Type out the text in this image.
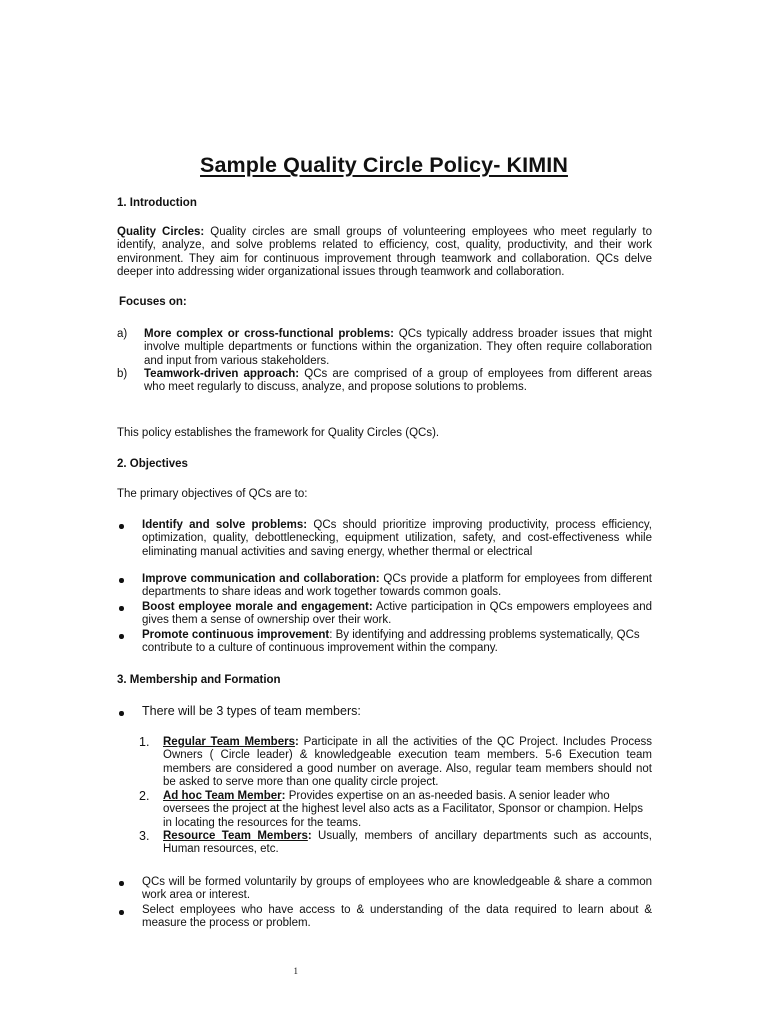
Sample Quality Circle Policy- KIMIN
1. Introduction
Quality Circles: Quality circles are small groups of volunteering employees who meet regularly to identify, analyze, and solve problems related to efficiency, cost, quality, productivity, and their work environment. They aim for continuous improvement through teamwork and collaboration. QCs delve deeper into addressing wider organizational issues through teamwork and collaboration.
Focuses on:
a) More complex or cross-functional problems: QCs typically address broader issues that might involve multiple departments or functions within the organization. They often require collaboration and input from various stakeholders.
b) Teamwork-driven approach: QCs are comprised of a group of employees from different areas who meet regularly to discuss, analyze, and propose solutions to problems.
This policy establishes the framework for Quality Circles (QCs).
2. Objectives
The primary objectives of QCs are to:
Identify and solve problems: QCs should prioritize improving productivity, process efficiency, optimization, quality, debottlenecking, equipment utilization, safety, and cost-effectiveness while eliminating manual activities and saving energy, whether thermal or electrical
Improve communication and collaboration: QCs provide a platform for employees from different departments to share ideas and work together towards common goals.
Boost employee morale and engagement: Active participation in QCs empowers employees and gives them a sense of ownership over their work.
Promote continuous improvement: By identifying and addressing problems systematically, QCs contribute to a culture of continuous improvement within the company.
3. Membership and Formation
There will be 3 types of team members:
1. Regular Team Members: Participate in all the activities of the QC Project. Includes Process Owners ( Circle leader) & knowledgeable execution team members. 5-6 Execution team members are considered a good number on average. Also, regular team members should not be asked to serve more than one quality circle project.
2. Ad hoc Team Member: Provides expertise on an as-needed basis. A senior leader who oversees the project at the highest level also acts as a Facilitator, Sponsor or champion. Helps in locating the resources for the teams.
3. Resource Team Members: Usually, members of ancillary departments such as accounts, Human resources, etc.
QCs will be formed voluntarily by groups of employees who are knowledgeable & share a common work area or interest.
Select employees who have access to & understanding of the data required to learn about & measure the process or problem.
1
